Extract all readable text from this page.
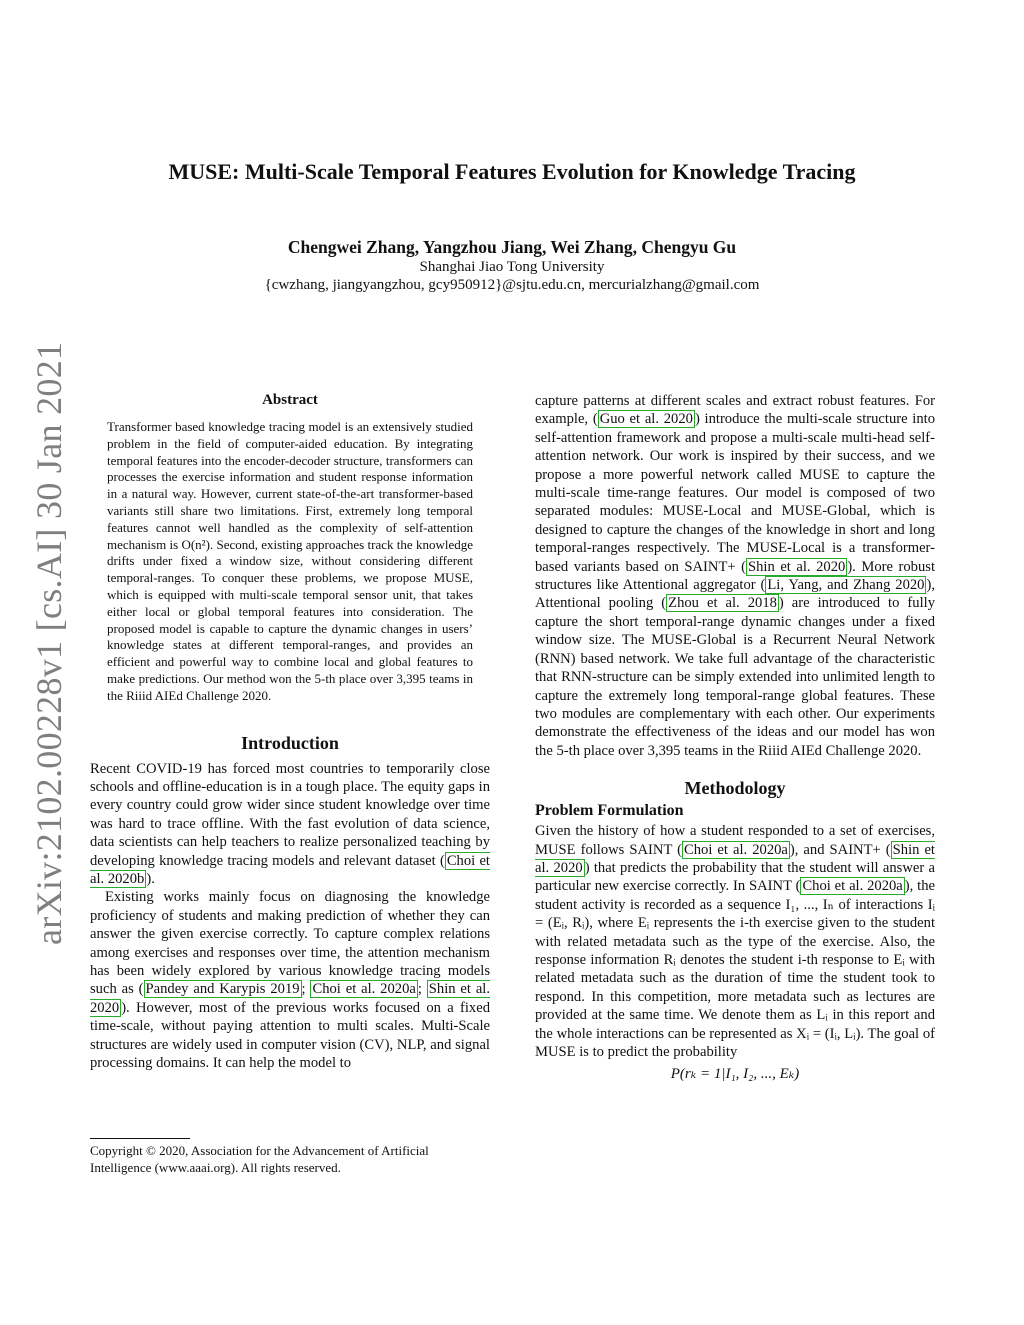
arXiv:2102.00228v1 [cs.AI] 30 Jan 2021
MUSE: Multi-Scale Temporal Features Evolution for Knowledge Tracing
Chengwei Zhang, Yangzhou Jiang, Wei Zhang, Chengyu Gu
Shanghai Jiao Tong University
{cwzhang, jiangyangzhou, gcy950912}@sjtu.edu.cn, mercurialzhang@gmail.com
Abstract

Transformer based knowledge tracing model is an extensively studied problem in the field of computer-aided education. By integrating temporal features into the encoder-decoder structure, transformers can processes the exercise information and student response information in a natural way. However, current state-of-the-art transformer-based variants still share two limitations. First, extremely long temporal features cannot well handled as the complexity of self-attention mechanism is O(n²). Second, existing approaches track the knowledge drifts under fixed a window size, without considering different temporal-ranges. To conquer these problems, we propose MUSE, which is equipped with multi-scale temporal sensor unit, that takes either local or global temporal features into consideration. The proposed model is capable to capture the dynamic changes in users’ knowledge states at different temporal-ranges, and provides an efficient and powerful way to combine local and global features to make predictions. Our method won the 5-th place over 3,395 teams in the Riiid AIEd Challenge 2020.

Introduction

Recent COVID-19 has forced most countries to temporarily close schools and offline-education is in a tough place. The equity gaps in every country could grow wider since student knowledge over time was hard to trace offline. With the fast evolution of data science, data scientists can help teachers to realize personalized teaching by developing knowledge tracing models and relevant dataset ( Choi et al. 2020b ).

Existing works mainly focus on diagnosing the knowledge proficiency of students and making prediction of whether they can answer the given exercise correctly. To capture complex relations among exercises and responses over time, the attention mechanism has been widely explored by various knowledge tracing models such as ( Pandey and Karypis 2019 ; Choi et al. 2020a ; Shin et al. 2020 ). However, most of the previous works focused on a fixed time-scale, without paying attention to multi scales. Multi-Scale structures are widely used in computer vision (CV), NLP, and signal processing domains. It can help the model to

Copyright © 2020, Association for the Advancement of Artificial Intelligence (www.aaai.org). All rights reserved.

capture patterns at different scales and extract robust features. For example, ( Guo et al. 2020 ) introduce the multi-scale structure into self-attention framework and propose a multi-scale multi-head self-attention network. Our work is inspired by their success, and we propose a more powerful network called MUSE to capture the multi-scale time-range features. Our model is composed of two separated modules: MUSE-Local and MUSE-Global, which is designed to capture the changes of the knowledge in short and long temporal-ranges respectively. The MUSE-Local is a transformer-based variants based on SAINT+ ( Shin et al. 2020 ). More robust structures like Attentional aggregator ( Li, Yang, and Zhang 2020 ), Attentional pooling ( Zhou et al. 2018 ) are introduced to fully capture the short temporal-range dynamic changes under a fixed window size. The MUSE-Global is a Recurrent Neural Network (RNN) based network. We take full advantage of the characteristic that RNN-structure can be simply extended into unlimited length to capture the extremely long temporal-range global features. These two modules are complementary with each other. Our experiments demonstrate the effectiveness of the ideas and our model has won the 5-th place over 3,395 teams in the Riiid AIEd Challenge 2020.

Methodology
Problem Formulation

Given the history of how a student responded to a set of exercises, MUSE follows SAINT ( Choi et al. 2020a ), and SAINT+ ( Shin et al. 2020 ) that predicts the probability that the student will answer a particular new exercise correctly. In SAINT ( Choi et al. 2020a ), the student activity is recorded as a sequence I₁, ..., Iₙ of interactions Iᵢ = (Eᵢ, Rᵢ), where Eᵢ represents the i-th exercise given to the student with related metadata such as the type of the exercise. Also, the response information Rᵢ denotes the student i-th response to Eᵢ with related metadata such as the duration of time the student took to respond. In this competition, more metadata such as lectures are provided at the same time. We denote them as Lᵢ in this report and the whole interactions can be represented as Xᵢ = (Iᵢ, Lᵢ). The goal of MUSE is to predict the probability

P(rₖ = 1|I₁, I₂, ..., Eₖ)
